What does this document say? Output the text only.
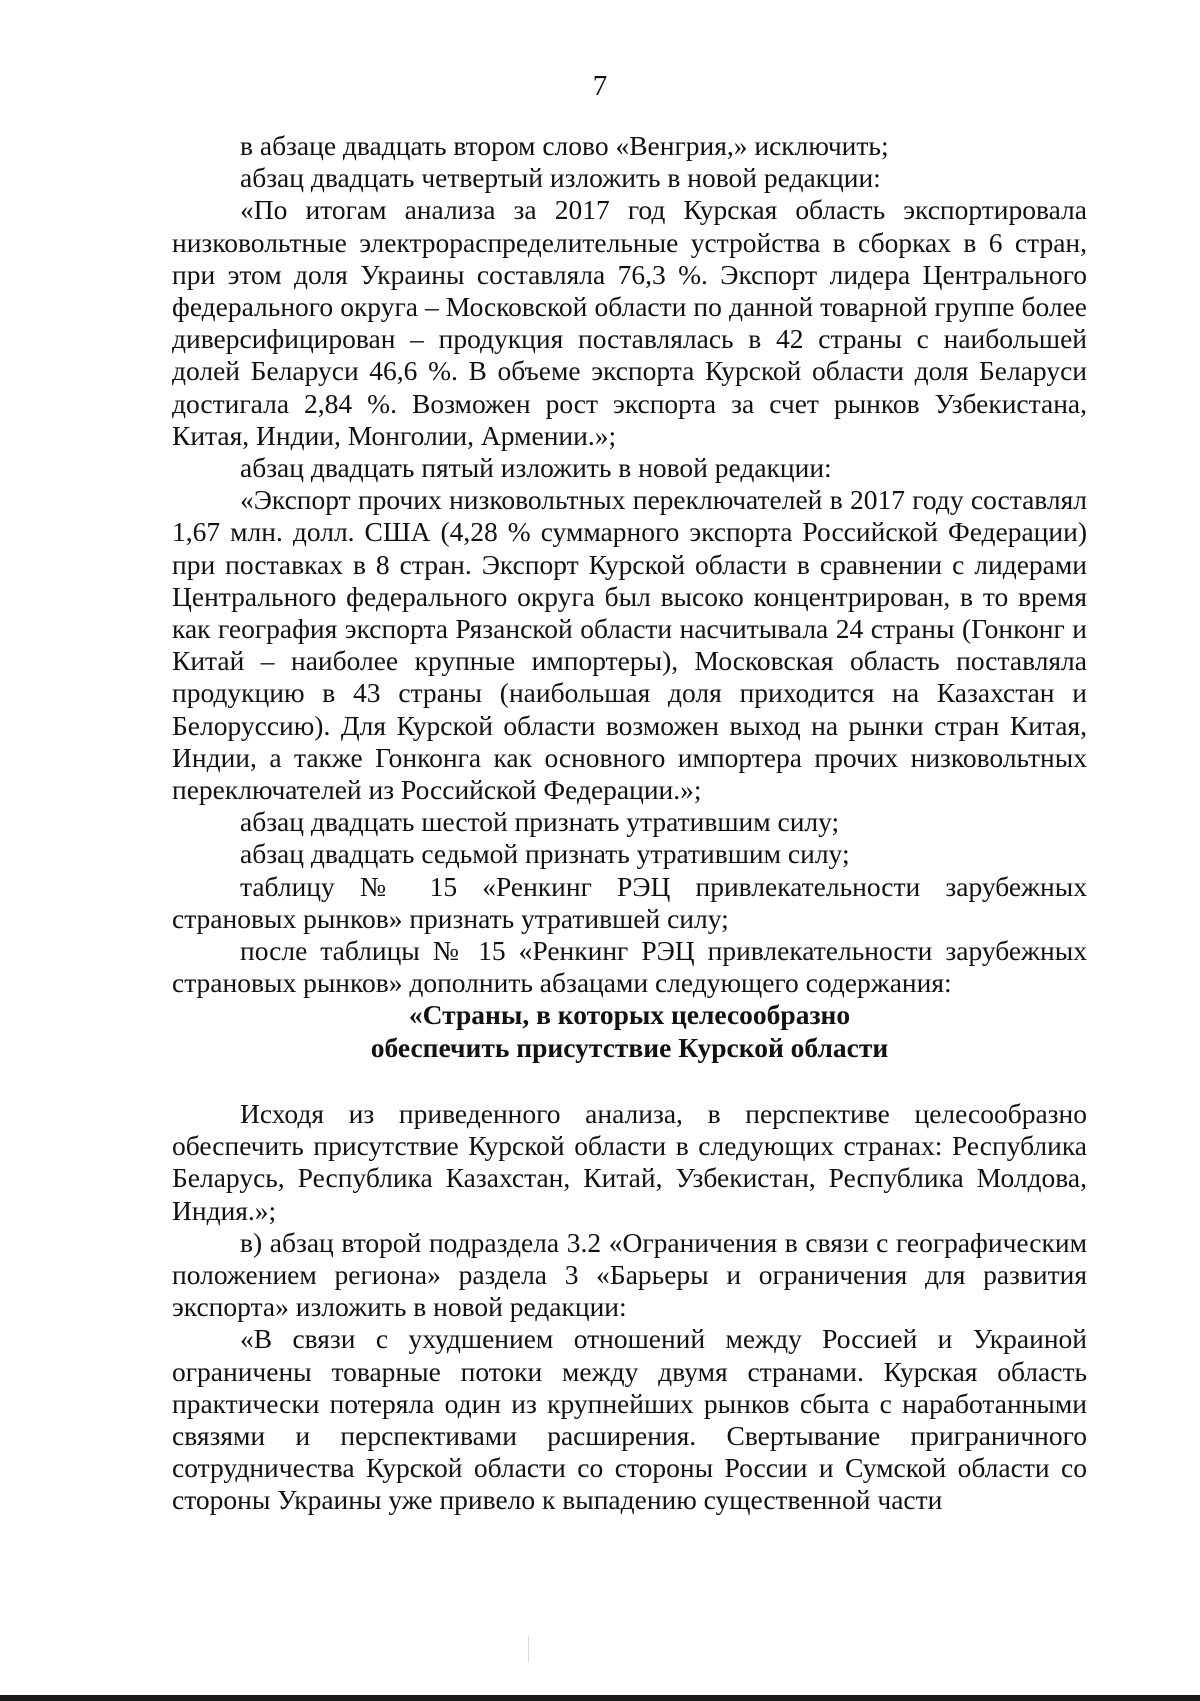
7

в абзаце двадцать втором слово «Венгрия,» исключить;

абзац двадцать четвертый изложить в новой редакции:

«По итогам анализа за 2017 год Курская область экспортировала низковольтные электрораспределительные устройства в сборках в 6 стран, при этом доля Украины составляла 76,3 %. Экспорт лидера Центрального федерального округа – Московской области по данной товарной группе более диверсифицирован – продукция поставлялась в 42 страны с наибольшей долей Беларуси 46,6 %. В объеме экспорта Курской области доля Беларуси достигала 2,84 %. Возможен рост экспорта за счет рынков Узбекистана, Китая, Индии, Монголии, Армении.»;

абзац двадцать пятый изложить в новой редакции:

«Экспорт прочих низковольтных переключателей в 2017 году составлял 1,67 млн. долл. США (4,28 % суммарного экспорта Российской Федерации) при поставках в 8 стран. Экспорт Курской области в сравнении с лидерами Центрального федерального округа был высоко концентрирован, в то время как география экспорта Рязанской области насчитывала 24 страны (Гонконг и Китай – наиболее крупные импортеры), Московская область поставляла продукцию в 43 страны (наибольшая доля приходится на Казахстан и Белоруссию). Для Курской области возможен выход на рынки стран Китая, Индии, а также Гонконга как основного импортера прочих низковольтных переключателей из Российской Федерации.»;

абзац двадцать шестой признать утратившим силу;

абзац двадцать седьмой признать утратившим силу;

таблицу № 15 «Ренкинг РЭЦ привлекательности зарубежных страновых рынков» признать утратившей силу;

после таблицы № 15 «Ренкинг РЭЦ привлекательности зарубежных страновых рынков» дополнить абзацами следующего содержания:

«Страны, в которых целесообразно

обеспечить присутствие Курской области

Исходя из приведенного анализа, в перспективе целесообразно обеспечить присутствие Курской области в следующих странах: Республика Беларусь, Республика Казахстан, Китай, Узбекистан, Республика Молдова, Индия.»;

в) абзац второй подраздела 3.2 «Ограничения в связи с географическим положением региона» раздела 3 «Барьеры и ограничения для развития экспорта» изложить в новой редакции:

«В связи с ухудшением отношений между Россией и Украиной ограничены товарные потоки между двумя странами. Курская область практически потеряла один из крупнейших рынков сбыта с наработанными связями и перспективами расширения. Свертывание приграничного сотрудничества Курской области со стороны России и Сумской области со стороны Украины уже привело к выпадению существенной части
